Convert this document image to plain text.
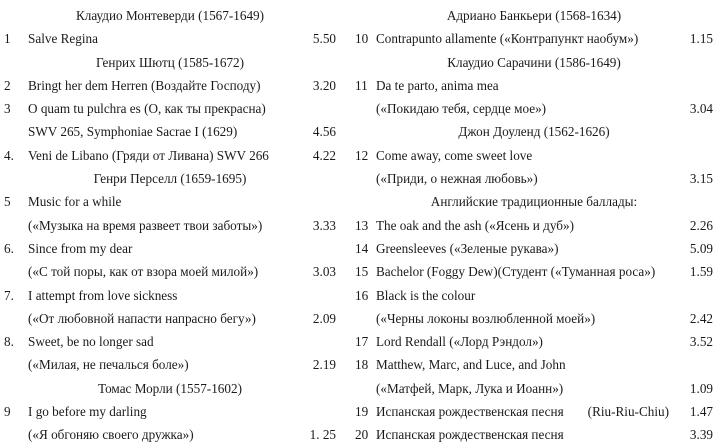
Клаудио Монтеверди (1567-1649)
1 Salve Regina	5.50
Генрих Шютц (1585-1672)
2 Bringt her dem Herren (Воздайте Господу)	3.20
3 O quam tu pulchra es (О, как ты прекрасна)
SWV 265, Symphoniae Sacrae I (1629)	4.56
4. Veni de Libano (Гряди от Ливана) SWV 266	4.22
Генри Перселл (1659-1695)
5 Music for a while
(«Музыка на время развеет твои заботы»)	3.33
6. Since from my dear
(«С той поры, как от взора моей милой»)	3.03
7. I attempt from love sickness
(«От любовной напасти напрасно бегу»)	2.09
8. Sweet, be no longer sad
(«Милая, не печалься боле»)	2.19
Томас Морли (1557-1602)
9 I go before my darling
(«Я обгоняю своего дружка»)	1. 25
Адриано Банкьери (1568-1634)
10 Contrapunto allamente («Контрапункт наобум»)	1.15
Клаудио Сарачини (1586-1649)
11 Da te parto, anima mea
(«Покидаю тебя, сердце мое»)	3.04
Джон Доуленд (1562-1626)
12 Come away, come sweet love
(«Приди, о нежная любовь»)	3.15
Английские традиционные баллады:
13 The oak and the ash («Ясень и дуб»)	2.26
14 Greensleeves («Зеленые рукава»)	5.09
15 Bachelor (Foggy Dew)(Студент («Туманная роса»)	1.59
16 Black is the colour
(«Черны локоны возлюбленной моей»)	2.42
17 Lord Rendall («Лорд Рэндол»)	3.52
18 Matthew, Marc, and Luce, and John
(«Матфей, Марк, Лука и Иоанн»)	1.09
19 Испанская рождественская песня (Riu-Riu-Chiu) 1.47
20 Испанская рождественская песня	3.39
